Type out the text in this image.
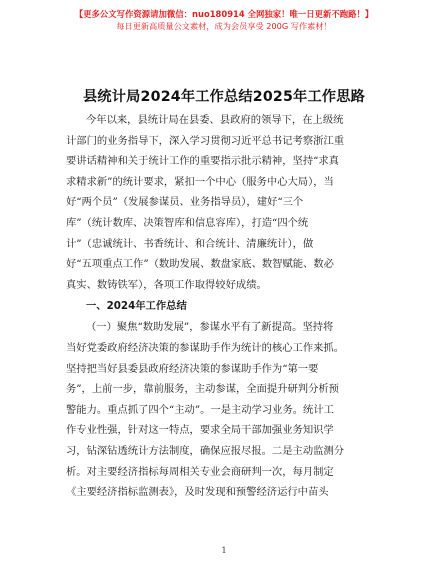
【更多公文写作资源请加微信：nuo180914 全网独家！唯一日更新不跑路！】
每日更新高质量公文素材，成为会员享受 200G 写作素材！
县统计局2024年工作总结2025年工作思路
今年以来，县统计局在县委、县政府的领导下，在上级统
计部门的业务指导下，深入学习贯彻习近平总书记考察浙江重
要讲话精神和关于统计工作的重要指示批示精神，坚持“求真
求精求新”的统计要求，紧扣一个中心（服务中心大局），当
好“两个员”（发展参谋员、业务指导员），建好“三个
库”（统计数库、决策智库和信息容库），打造“四个统
计”（忠诚统计、书香统计、和合统计、清廉统计），做
好“五项重点工作”（数助发展、数盘家底、数智赋能、数必
真实、数铸铁军），各项工作取得较好成绩。
一、2024年工作总结
（一）聚焦“数助发展”，参谋水平有了新提高。坚持将
当好党委政府经济决策的参谋助手作为统计的核心工作来抓。
坚持把当好县委县政府经济决策的参谋助手作为“第一要
务”，上前一步，靠前服务，主动参谋，全面提升研判分析预
警能力。重点抓了四个“主动”。一是主动学习业务。统计工
作专业性强，针对这一特点，要求全局干部加强业务知识学
习，钻深钻透统计方法制度，确保应报尽报。二是主动监测分
析。对主要经济指标每周相关专业会商研判一次，每月制定
《主要经济指标监测表》，及时发现和预警经济运行中苗头
1
